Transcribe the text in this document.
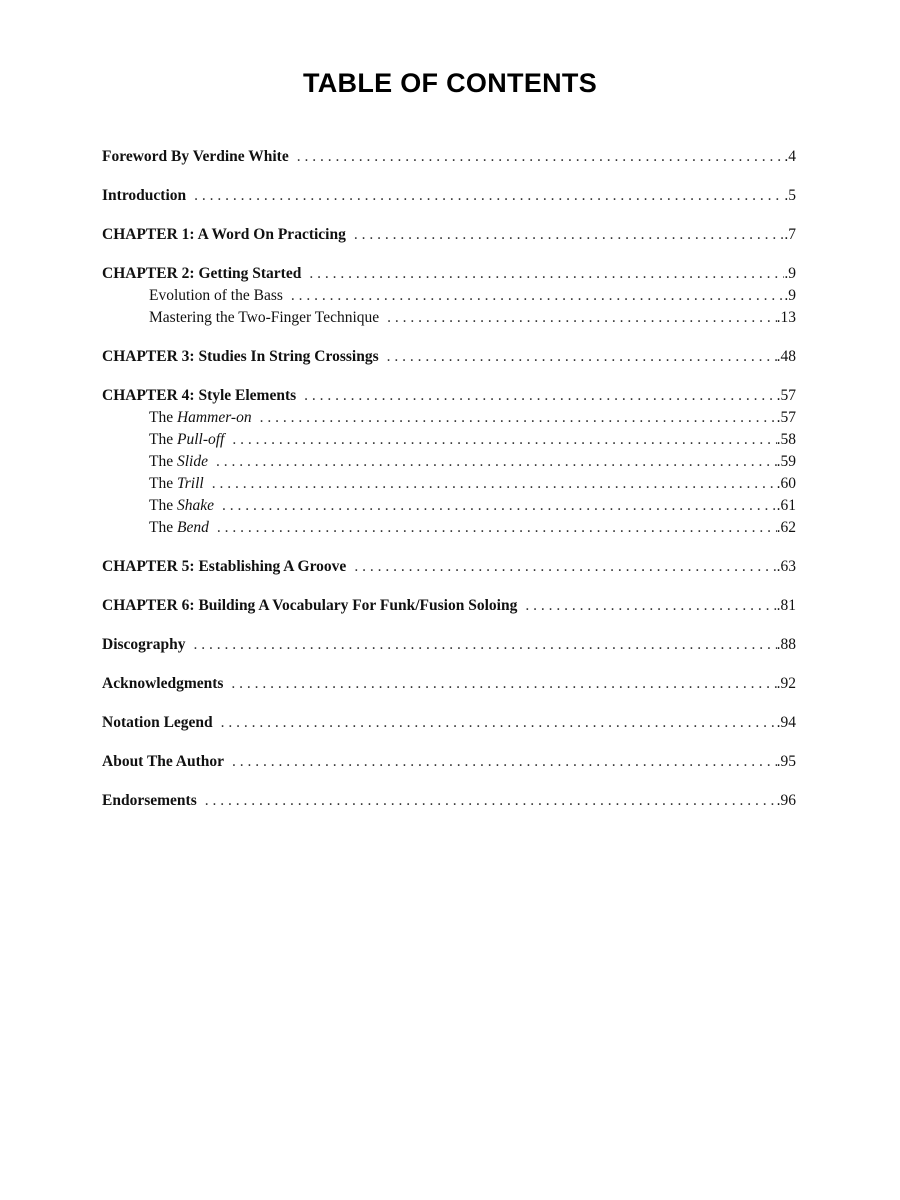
TABLE OF CONTENTS
Foreword By Verdine White . . .	.4
Introduction . . .	.5
CHAPTER 1: A Word On Practicing . . .	.7
CHAPTER 2: Getting Started . . .	.9
Evolution of the Bass . . .	.9
Mastering the Two-Finger Technique . . .	.13
CHAPTER 3: Studies In String Crossings . . .	.48
CHAPTER 4: Style Elements . . .	.57
The Hammer-on . . .	.57
The Pull-off . . .	.58
The Slide . . .	.59
The Trill . . .	.60
The Shake . . .	.61
The Bend . . .	.62
CHAPTER 5: Establishing A Groove . . .	.63
CHAPTER 6: Building A Vocabulary For Funk/Fusion Soloing . . .	.81
Discography . . .	.88
Acknowledgments . . .	.92
Notation Legend . . .	.94
About The Author . . .	.95
Endorsements . . .	.96
